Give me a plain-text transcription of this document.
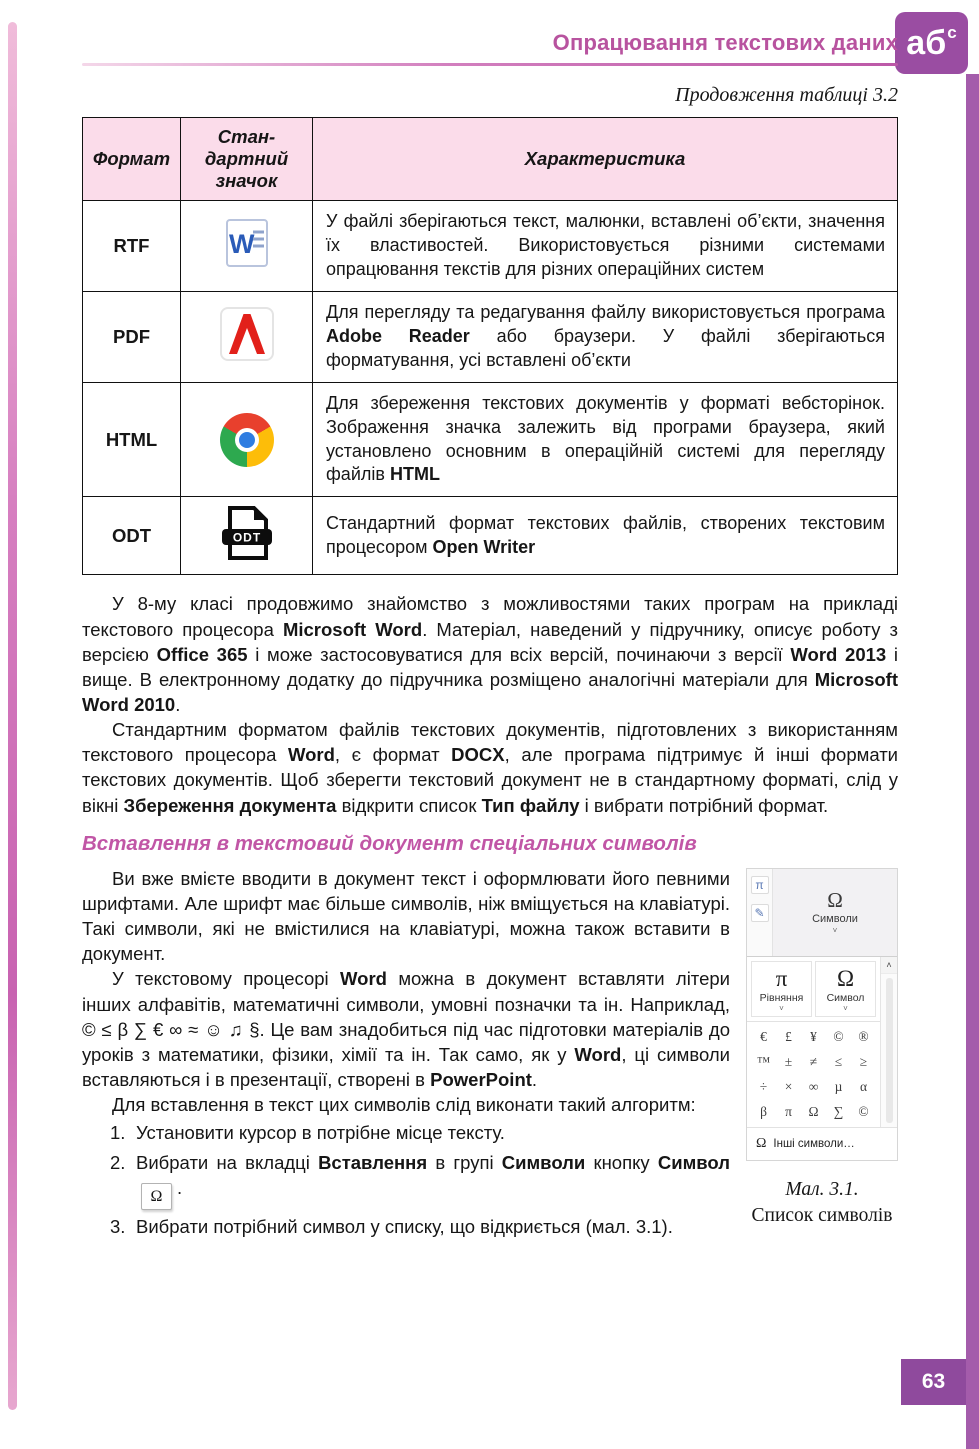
аб с
Опрацювання текстових даних
Продовження таблиці 3.2
Формат	Стандартний значок	Характеристика
RTF	W	У файлі зберігаються текст, малюнки, вставлені об’єкти, значення їх властивостей. Використовується різними системами опрацювання текстів для різних операційних систем
PDF		Для перегляду та редагування файлу використовується програма Adobe Reader або браузери. У файлі зберігаються форматування, усі вставлені об’єкти
HTML		Для збереження текстових документів у форматі вебсторінок. Зображення значка залежить від програми браузера, який установлено основним в операційній системі для перегляду файлів HTML
ODT	ODT	Стандартний формат текстових файлів, створених текстовим процесором Open Writer

У 8-му класі продовжимо знайомство з можливостями таких програм на прикладі текстового процесора Microsoft Word. Матеріал, наведений у підручнику, описує роботу з версією Office 365 і може застосовуватися для всіх версій, починаючи з версії Word 2013 і вище. В електронному додатку до підручника розміщено аналогічні матеріали для Microsoft Word 2010.

Стандартним форматом файлів текстових документів, підготовлених з використанням текстового процесора Word, є формат DOCX, але програма підтримує й інші формати текстових документів. Щоб зберегти текстовий документ не в стандартному форматі, слід у вікні Збереження документа відкрити список Тип файлу і вибрати потрібний формат.

Вставлення в текстовий документ спеціальних символів
π
✎
Ω
Символи
˅
π
Рівняння
˅
Ω
Символ
˅
€	£	¥	©	®
™	±	≠	≤	≥
÷	×	∞	µ	α
β	π	Ω	∑	©
˄
Ω Інші символи…
Мал. 3.1.
Список символів

Ви вже вмієте вводити в документ текст і оформлювати його певними шрифтами. Але шрифт має більше символів, ніж вміщується на клавіатурі. Такі символи, які не вмістилися на клавіатурі, можна також вставити в документ.

У текстовому процесорі Word можна в документ вставляти літери інших алфавітів, математичні символи, умовні позначки та ін. Наприклад, © ≤ β ∑ € ∞ ≈ ☺ ♫ §. Це вам знадобиться під час підготовки матеріалів до уроків з математики, фізики, хімії та ін. Так само, як у Word, ці символи вставляються і в презентації, створені в PowerPoint.

Для вставлення в текст цих символів слід виконати такий алгоритм:

1. Установити курсор в потрібне місце тексту.
2. Вибрати на вкладці Вставлення в групі Символи кнопку СимволΩ .
3. Вибрати потрібний символ у списку, що відкриється (мал. 3.1).
63
